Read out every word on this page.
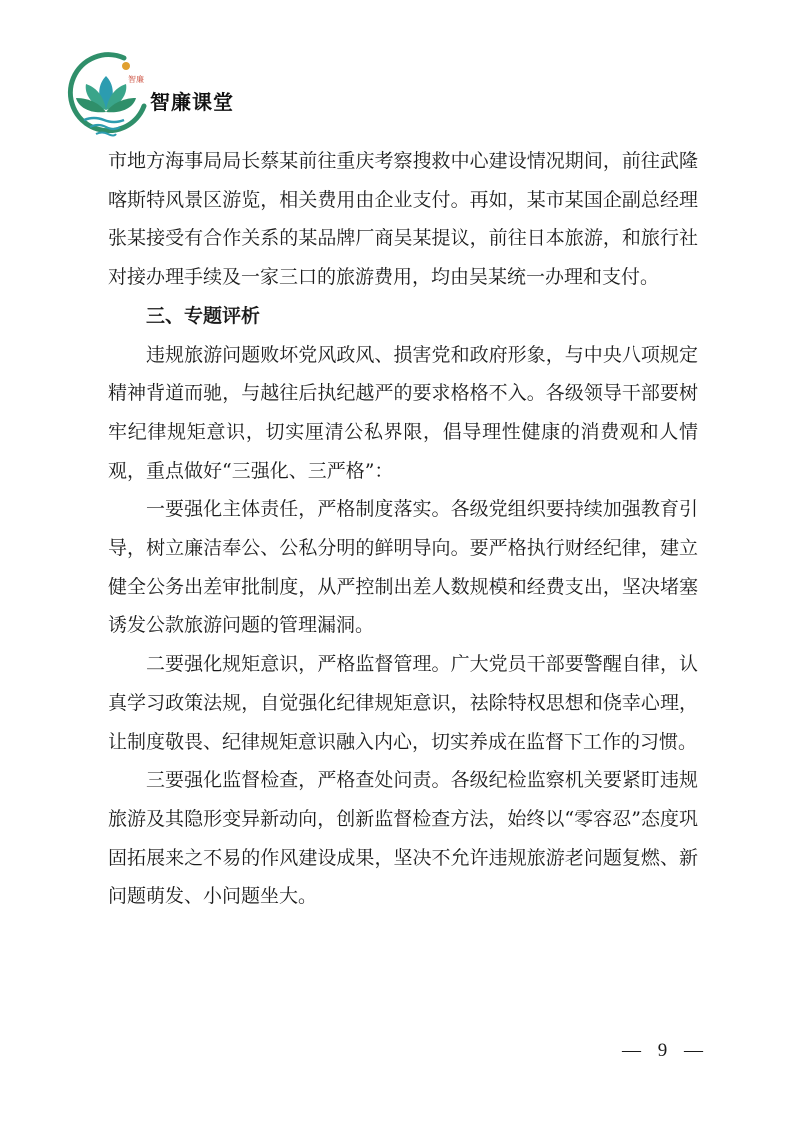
智廉
智廉课堂

市地方海事局局长蔡某前往重庆考察搜救中心建设情况期间，前往武隆喀斯特风景区游览，相关费用由企业支付。再如，某市某国企副总经理张某接受有合作关系的某品牌厂商吴某提议，前往日本旅游，和旅行社对接办理手续及一家三口的旅游费用，均由吴某统一办理和支付。

三、专题评析

违规旅游问题败坏党风政风、损害党和政府形象，与中央八项规定精神背道而驰，与越往后执纪越严的要求格格不入。各级领导干部要树牢纪律规矩意识，切实厘清公私界限，倡导理性健康的消费观和人情观，重点做好“三强化、三严格”：

一要强化主体责任，严格制度落实。各级党组织要持续加强教育引导，树立廉洁奉公、公私分明的鲜明导向。要严格执行财经纪律，建立健全公务出差审批制度，从严控制出差人数规模和经费支出，坚决堵塞诱发公款旅游问题的管理漏洞。

二要强化规矩意识，严格监督管理。广大党员干部要警醒自律，认真学习政策法规，自觉强化纪律规矩意识，祛除特权思想和侥幸心理，让制度敬畏、纪律规矩意识融入内心，切实养成在监督下工作的习惯。

三要强化监督检查，严格查处问责。各级纪检监察机关要紧盯违规旅游及其隐形变异新动向，创新监督检查方法，始终以“零容忍”态度巩固拓展来之不易的作风建设成果，坚决不允许违规旅游老问题复燃、新问题萌发、小问题坐大。

— 9 —
